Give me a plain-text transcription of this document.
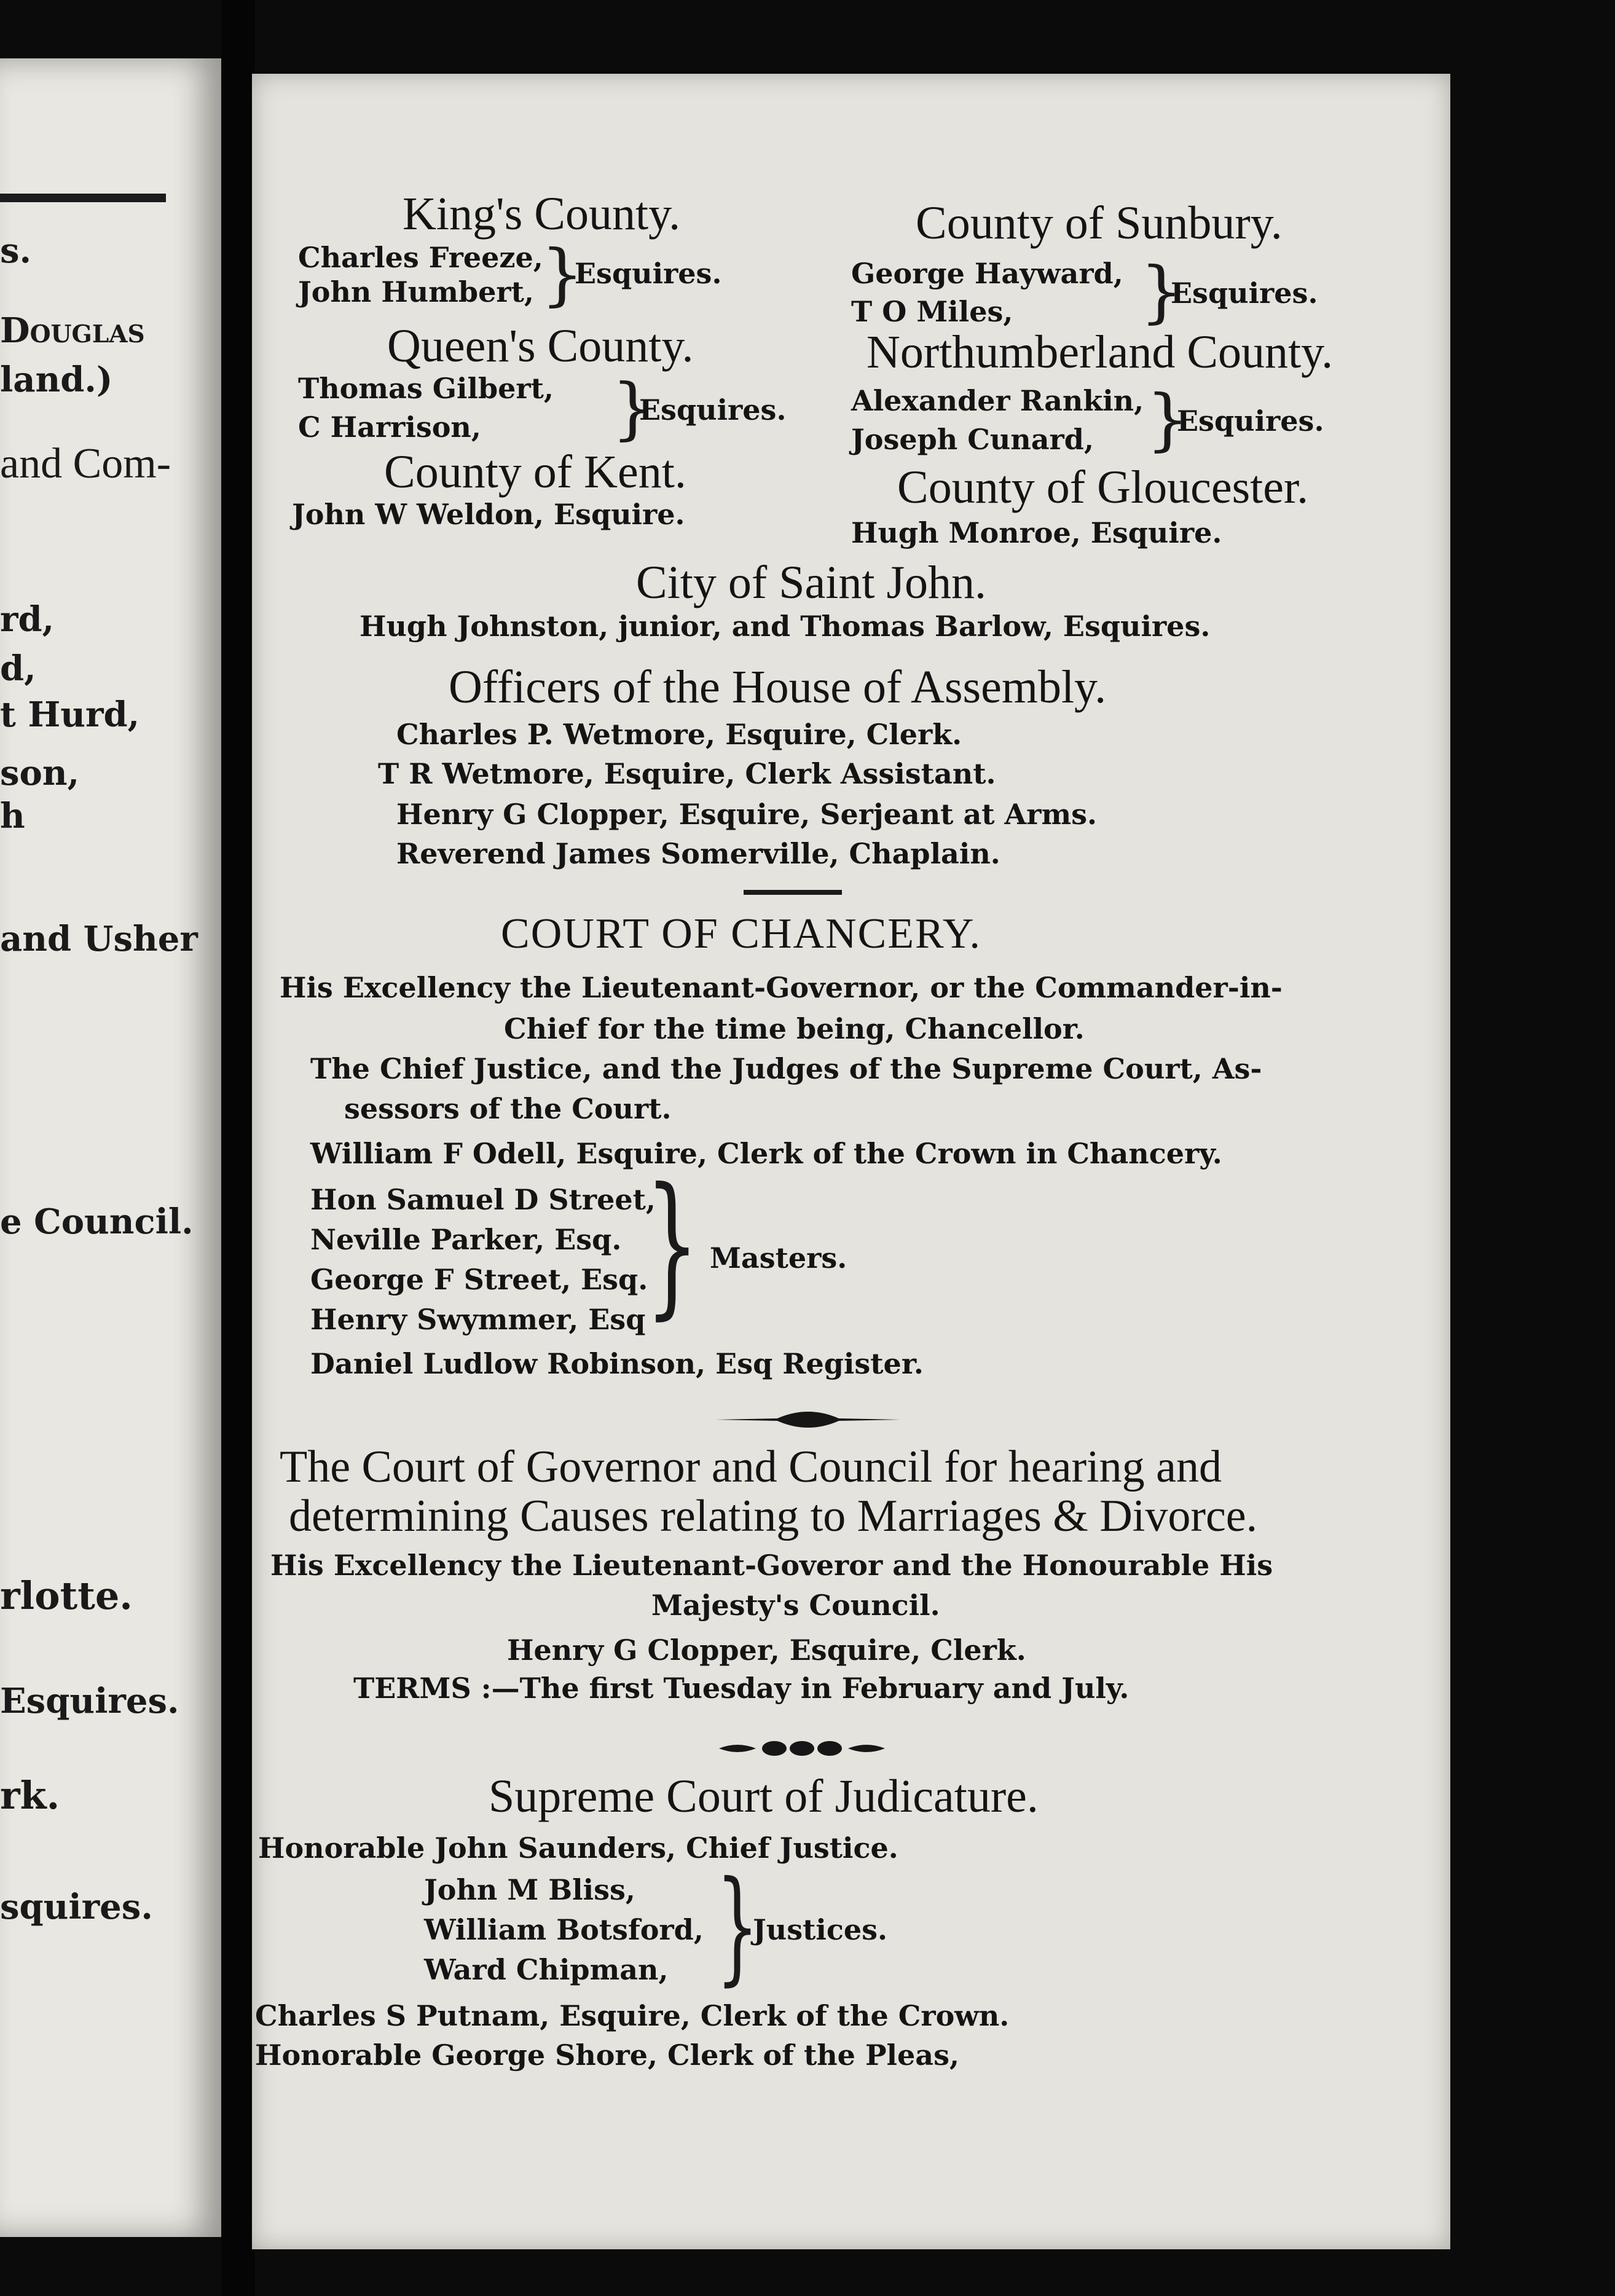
s.
Douglas
land.)
and Com-
rd,
d,
t Hurd,
son,
h
and Usher
e Council.
rlotte.
Esquires.
rk.
squires.
King's County.
Charles Freeze,
John Humbert, }
Esquires.
Queen's County.
Thomas Gilbert,
C Harrison, }
Esquires.
County of Kent.
John W Weldon, Esquire.
County of Sunbury.
George Hayward,
T O Miles, }
Esquires.
Northumberland County.
Alexander Rankin,
Joseph Cunard, }
Esquires.
County of Gloucester.
Hugh Monroe, Esquire.
City of Saint John.
Hugh Johnston, junior, and Thomas Barlow, Esquires.
Officers of the House of Assembly.
Charles P. Wetmore, Esquire, Clerk.
T R Wetmore, Esquire, Clerk Assistant.
Henry G Clopper, Esquire, Serjeant at Arms.
Reverend James Somerville, Chaplain.
COURT OF CHANCERY.
His Excellency the Lieutenant-Governor, or the Commander-in-
Chief for the time being, Chancellor.
The Chief Justice, and the Judges of the Supreme Court, As-
sessors of the Court.
William F Odell, Esquire, Clerk of the Crown in Chancery.
Hon Samuel D Street,
Neville Parker, Esq.
George F Street, Esq.
Henry Swymmer, Esq } Masters.
Daniel Ludlow Robinson, Esq Register.
The Court of Governor and Council for hearing and
determining Causes relating to Marriages & Divorce.
His Excellency the Lieutenant-Goveror and the Honourable His
Majesty's Council.
Henry G Clopper, Esquire, Clerk.
TERMS :—The first Tuesday in February and July.
Supreme Court of Judicature.
Honorable John Saunders, Chief Justice.
John M Bliss,
William Botsford,
Ward Chipman, }
Justices.
Charles S Putnam, Esquire, Clerk of the Crown.
Honorable George Shore, Clerk of the Pleas,
